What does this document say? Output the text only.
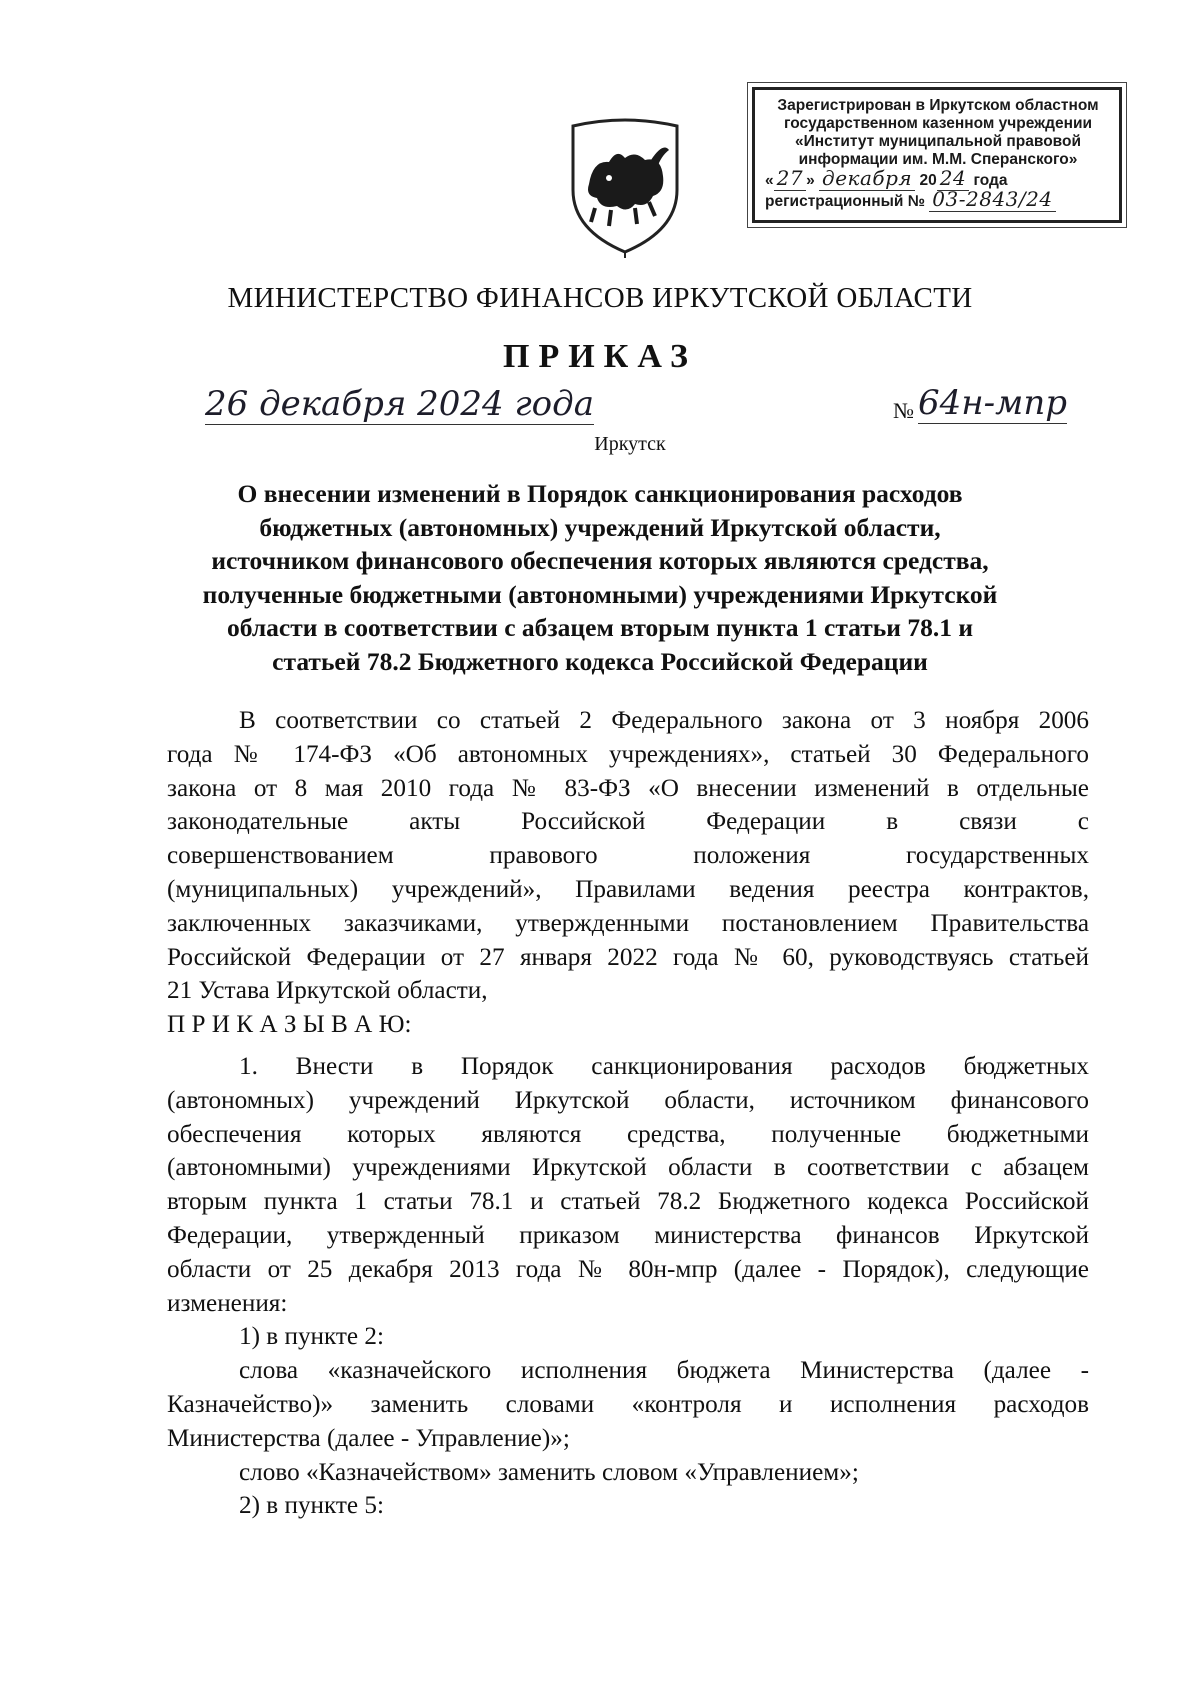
Зарегистрирован в Иркутском областном
государственном казенном учреждении
«Институт муниципальной правовой
информации им. М.М. Сперанского»
« 27 » декабря 20 24 года
регистрационный № 03-2843/24
МИНИСТЕРСТВО ФИНАНСОВ ИРКУТСКОЙ ОБЛАСТИ
ПРИКАЗ
26 декабря 2024 года	№ 64н-мпр
Иркутск
О внесении изменений в Порядок санкционирования расходов
бюджетных (автономных) учреждений Иркутской области,
источником финансового обеспечения которых являются средства,
полученные бюджетными (автономными) учреждениями Иркутской
области в соответствии с абзацем вторым пункта 1 статьи 78.1 и
статьей 78.2 Бюджетного кодекса Российской Федерации
В соответствии со статьей 2 Федерального закона от 3 ноября 2006
года № 174-ФЗ «Об автономных учреждениях», статьей 30 Федерального
закона от 8 мая 2010 года № 83-ФЗ «О внесении изменений в отдельные
законодательные акты Российской Федерации в связи с
совершенствованием правового положения государственных
(муниципальных) учреждений», Правилами ведения реестра контрактов,
заключенных заказчиками, утвержденными постановлением Правительства
Российской Федерации от 27 января 2022 года № 60, руководствуясь статьей
21 Устава Иркутской области,
П Р И К А З Ы В А Ю:
1. Внести в Порядок санкционирования расходов бюджетных
(автономных) учреждений Иркутской области, источником финансового
обеспечения которых являются средства, полученные бюджетными
(автономными) учреждениями Иркутской области в соответствии с абзацем
вторым пункта 1 статьи 78.1 и статьей 78.2 Бюджетного кодекса Российской
Федерации, утвержденный приказом министерства финансов Иркутской
области от 25 декабря 2013 года № 80н-мпр (далее - Порядок), следующие
изменения:
1) в пункте 2:
слова «казначейского исполнения бюджета Министерства (далее -
Казначейство)» заменить словами «контроля и исполнения расходов
Министерства (далее - Управление)»;
слово «Казначейством» заменить словом «Управлением»;
2) в пункте 5:
